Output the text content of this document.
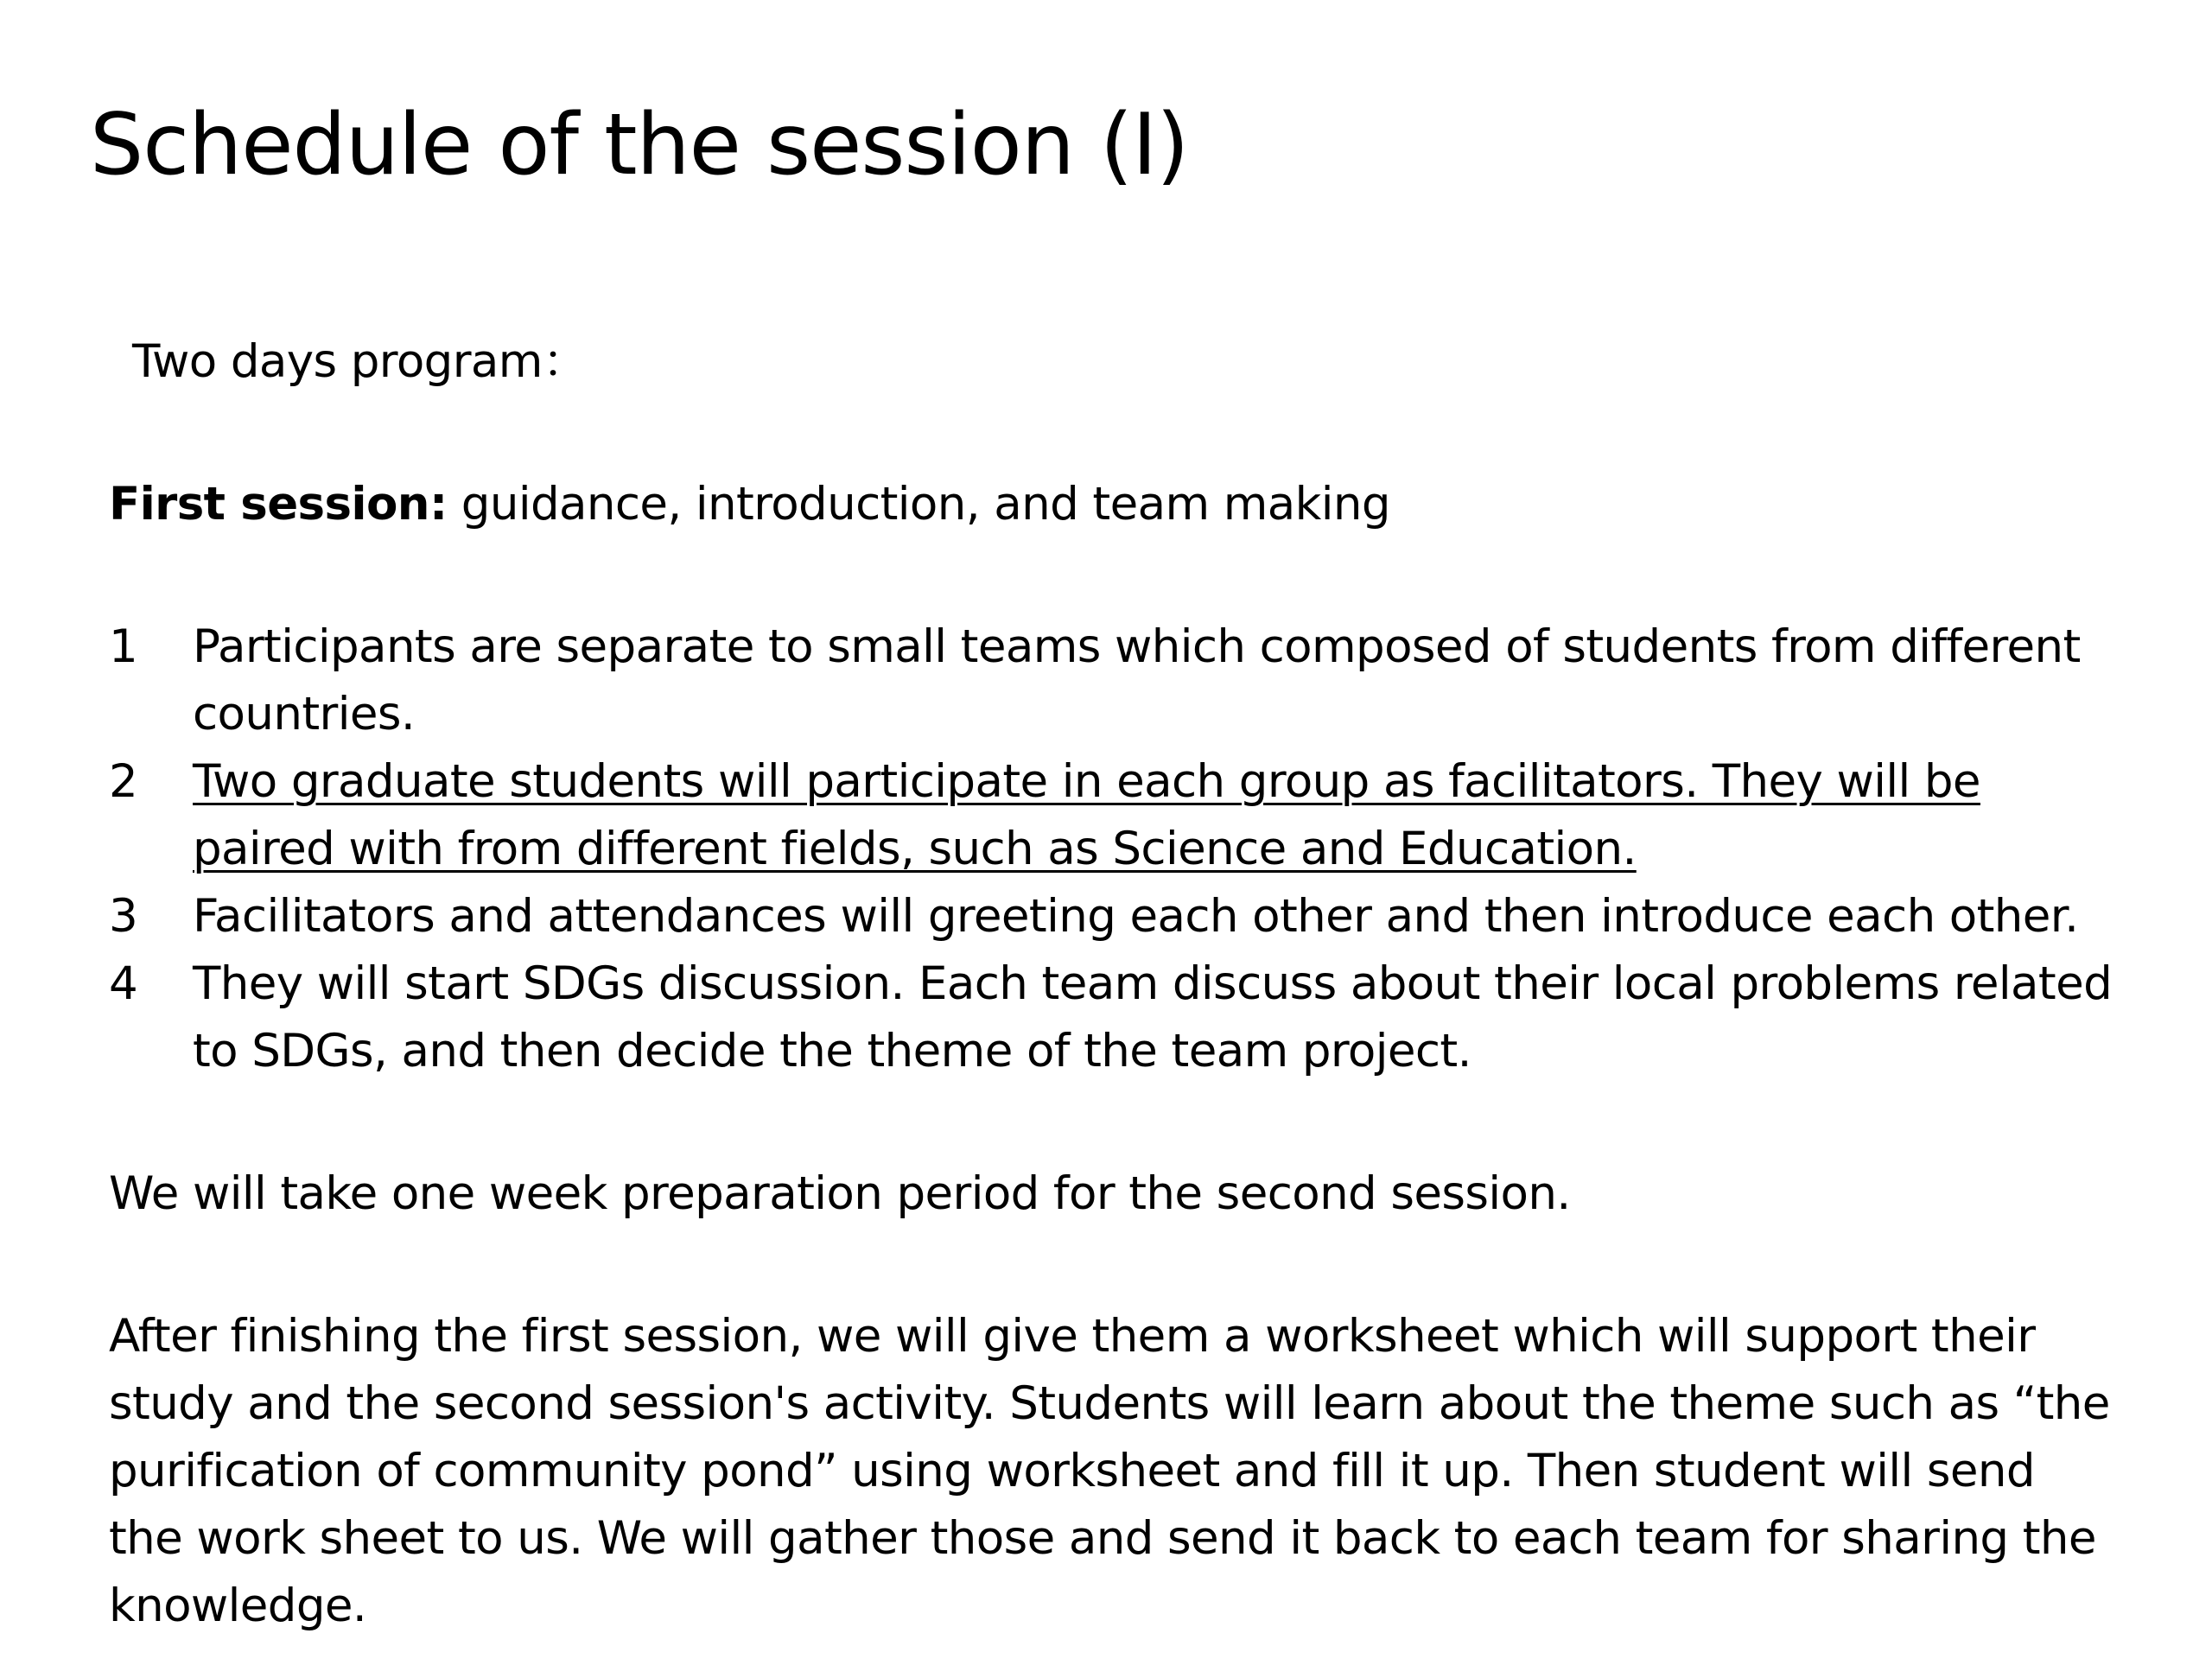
Schedule of the session (I)

Two days program：

First session: guidance, introduction, and team making

1	Participants are separate to small teams which composed of students from different countries.
2	Two graduate students will participate in each group as facilitators. They will be paired with from different fields, such as Science and Education.
3	Facilitators and attendances will greeting each other and then introduce each other.
4	They will start SDGs discussion. Each team discuss about their local problems related to SDGs, and then decide the theme of the team project.

We will take one week preparation period for the second session.

After finishing the first session, we will give them a worksheet which will support their study and the second session's activity. Students will learn about the theme such as “the purification of community pond” using worksheet and fill it up. Then student will send the work sheet to us. We will gather those and send it back to each team for sharing the knowledge.
